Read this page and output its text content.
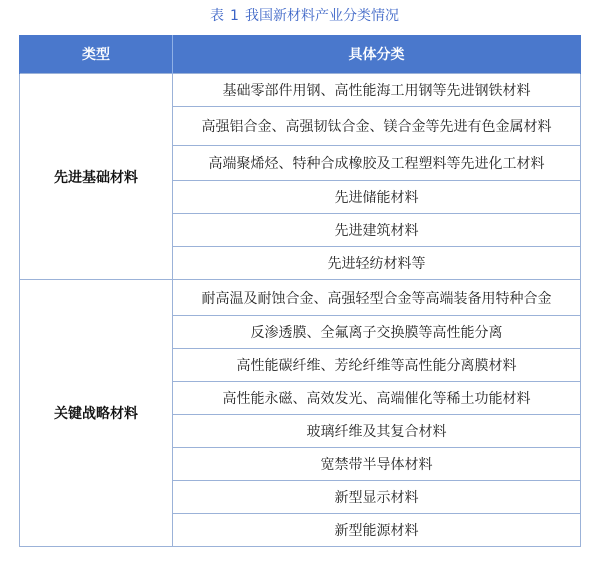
表 1 我国新材料产业分类情况
类型	具体分类
先进基础材料	基础零部件用钢、高性能海工用钢等先进钢铁材料
	高强铝合金、高强韧钛合金、镁合金等先进有色金属材料
	高端聚烯烃、特种合成橡胶及工程塑料等先进化工材料
	先进储能材料
	先进建筑材料
	先进轻纺材料等
关键战略材料	耐高温及耐蚀合金、高强轻型合金等高端装备用特种合金
	反渗透膜、全氟离子交换膜等高性能分离
	高性能碳纤维、芳纶纤维等高性能分离膜材料
	高性能永磁、高效发光、高端催化等稀土功能材料
	玻璃纤维及其复合材料
	宽禁带半导体材料
	新型显示材料
	新型能源材料
